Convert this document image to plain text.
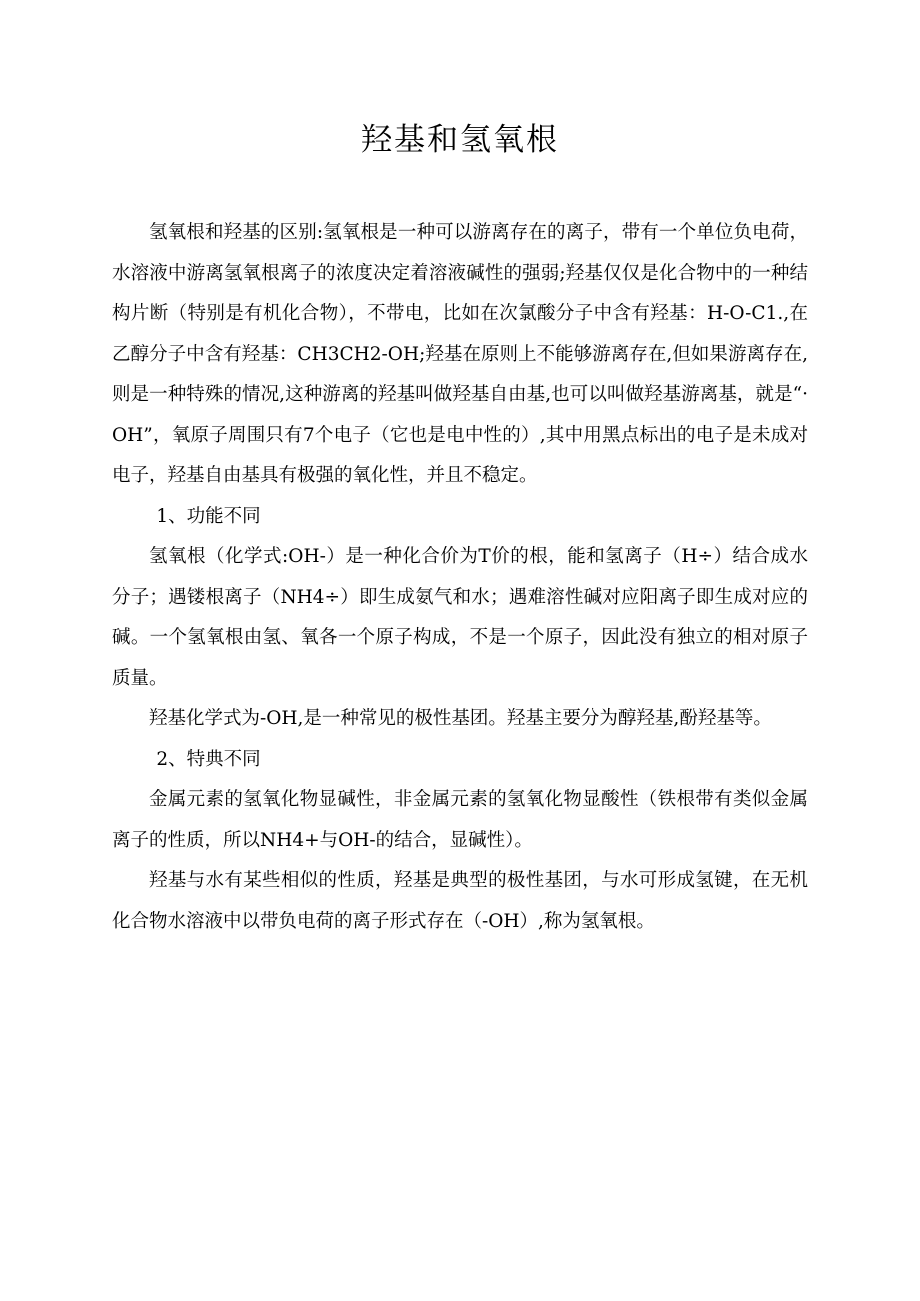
羟基和氢氧根

氢氧根和羟基的区别:氢氧根是一种可以游离存在的离子，带有一个单位负电荷，水溶液中游离氢氧根离子的浓度决定着溶液碱性的强弱;羟基仅仅是化合物中的一种结构片断（特别是有机化合物），不带电，比如在次氯酸分子中含有羟基：H-O-C1.,在乙醇分子中含有羟基：CH3CH2-OH;羟基在原则上不能够游离存在,但如果游离存在,则是一种特殊的情况,这种游离的羟基叫做羟基自由基,也可以叫做羟基游离基，就是“·OH”，氧原子周围只有7个电子（它也是电中性的）,其中用黑点标出的电子是未成对电子，羟基自由基具有极强的氧化性，并且不稳定。

1、功能不同

氢氧根（化学式:OH-）是一种化合价为T价的根，能和氢离子（H÷）结合成水分子；遇镂根离子（NH4÷）即生成氨气和水；遇难溶性碱对应阳离子即生成对应的碱。一个氢氧根由氢、氧各一个原子构成，不是一个原子，因此没有独立的相对原子质量。

羟基化学式为-OH,是一种常见的极性基团。羟基主要分为醇羟基,酚羟基等。

2、特典不同

金属元素的氢氧化物显碱性，非金属元素的氢氧化物显酸性（铁根带有类似金属离子的性质，所以NH4+与OH-的结合，显碱性）。

羟基与水有某些相似的性质，羟基是典型的极性基团，与水可形成氢键，在无机化合物水溶液中以带负电荷的离子形式存在（-OH）,称为氢氧根。
